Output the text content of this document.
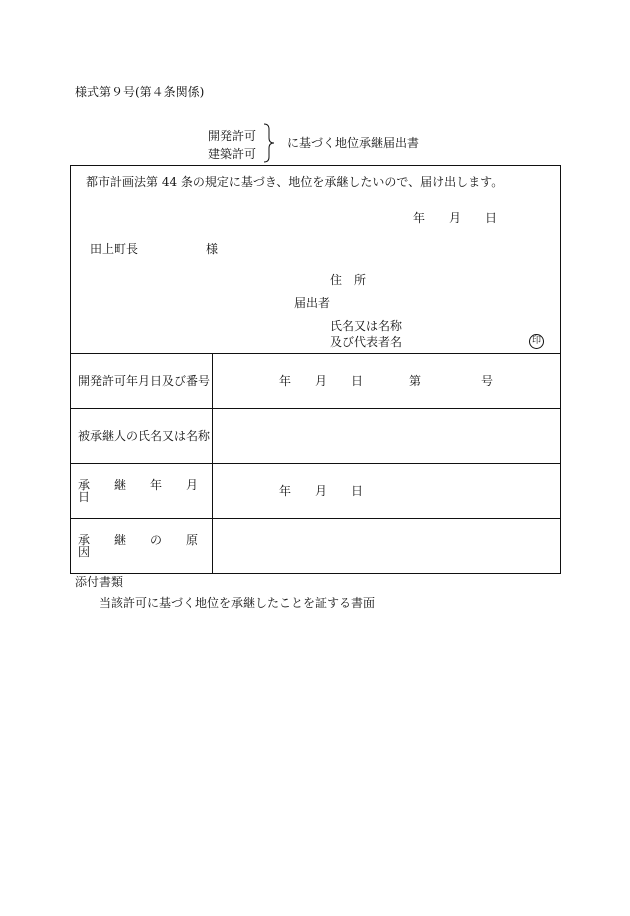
様式第９号(第４条関係)
開発許可
建築許可
に基づく地位承継届出書
都市計画法第 44 条の規定に基づき、地位を承継したいので、届け出します。
年 月 日
田上町長	様
住　所
届出者
氏名又は名称
及び代表者名	印
開発許可年月日及び番号	年 月 日 第 号

被承継人の氏名又は名称	
承　　継　　年　　月　　日	年 月 日

承　　継　　の　　原　　因	
添付書類
当該許可に基づく地位を承継したことを証する書面
